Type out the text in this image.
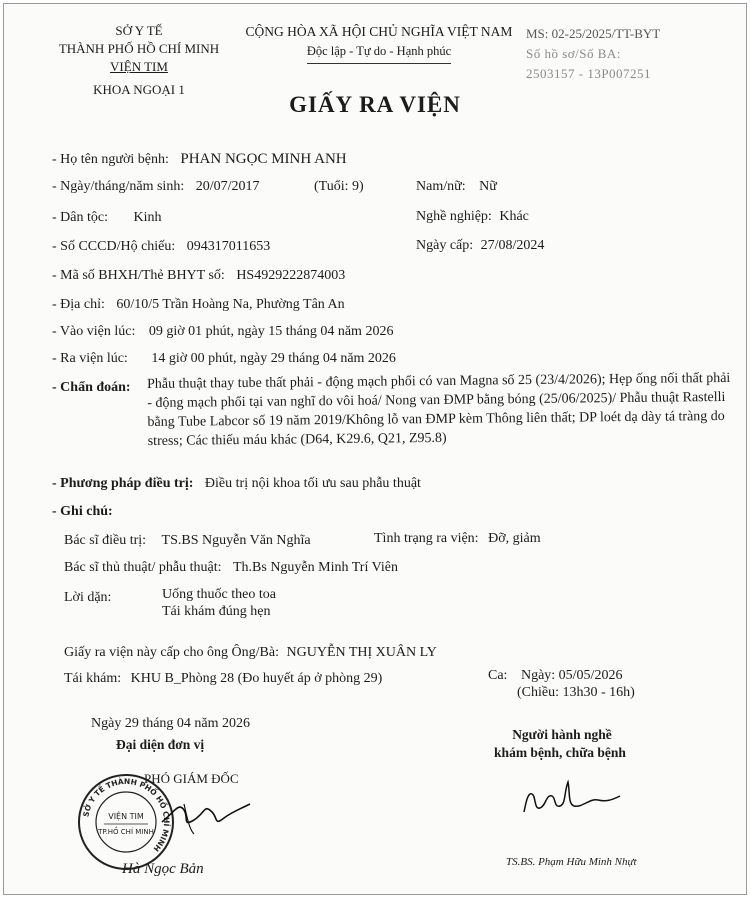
SỞ Y TẾ
THÀNH PHỐ HỒ CHÍ MINH
VIỆN TIM
KHOA NGOẠI 1
CỘNG HÒA XÃ HỘI CHỦ NGHĨA VIỆT NAM
Độc lập - Tự do - Hạnh phúc
MS: 02-25/2025/TT-BYT
Số hồ sơ/Số BA:
2503157 - 13P007251
GIẤY RA VIỆN
- Họ tên người bệnh: PHAN NGỌC MINH ANH
- Ngày/tháng/năm sinh: 20/07/2017	(Tuổi: 9)	Nam/nữ: Nữ
- Dân tộc: Kinh	Nghề nghiệp: Khác
- Số CCCD/Hộ chiếu: 094317011653	Ngày cấp: 27/08/2024
- Mã số BHXH/Thẻ BHYT số: HS4929222874003
- Địa chỉ: 60/10/5 Trần Hoàng Na, Phường Tân An
- Vào viện lúc: 09 giờ 01 phút, ngày 15 tháng 04 năm 2026
- Ra viện lúc: 14 giờ 00 phút, ngày 29 tháng 04 năm 2026
- Chẩn đoán: Phẫu thuật thay tube thất phải - động mạch phổi có van Magna số 25 (23/4/2026); Hẹp ống nối thất phải - động mạch phổi tại van nghĩ do vôi hoá/ Nong van ĐMP bằng bóng (25/06/2025)/ Phẫu thuật Rastelli bằng Tube Labcor số 19 năm 2019/Không lỗ van ĐMP kèm Thông liên thất; DP loét dạ dày tá tràng do stress; Các thiếu máu khác (D64, K29.6, Q21, Z95.8)
- Phương pháp điều trị: Điều trị nội khoa tối ưu sau phẫu thuật
- Ghi chú:
Bác sĩ điều trị: TS.BS Nguyễn Văn Nghĩa	Tình trạng ra viện: Đỡ, giảm
Bác sĩ thủ thuật/ phẫu thuật: Th.Bs Nguyễn Minh Trí Viên
Lời dặn:	Uống thuốc theo toa
Tái khám đúng hẹn
Giấy ra viện này cấp cho ông Ông/Bà: NGUYỄN THỊ XUÂN LY
Tái khám: KHU B_Phòng 28 (Đo huyết áp ở phòng 29)	Ca: Ngày: 05/05/2026
(Chiều: 13h30 - 16h)
Ngày 29 tháng 04 năm 2026
Đại diện đơn vị
PHÓ GIÁM ĐỐC
SỞ Y TẾ THÀNH PHỐ HỒ CHÍ MINH
VIỆN TIM
TP.HỒ CHÍ MINH
Hà Ngọc Bản
Người hành nghề
khám bệnh, chữa bệnh
TS.BS. Phạm Hữu Minh Nhựt
